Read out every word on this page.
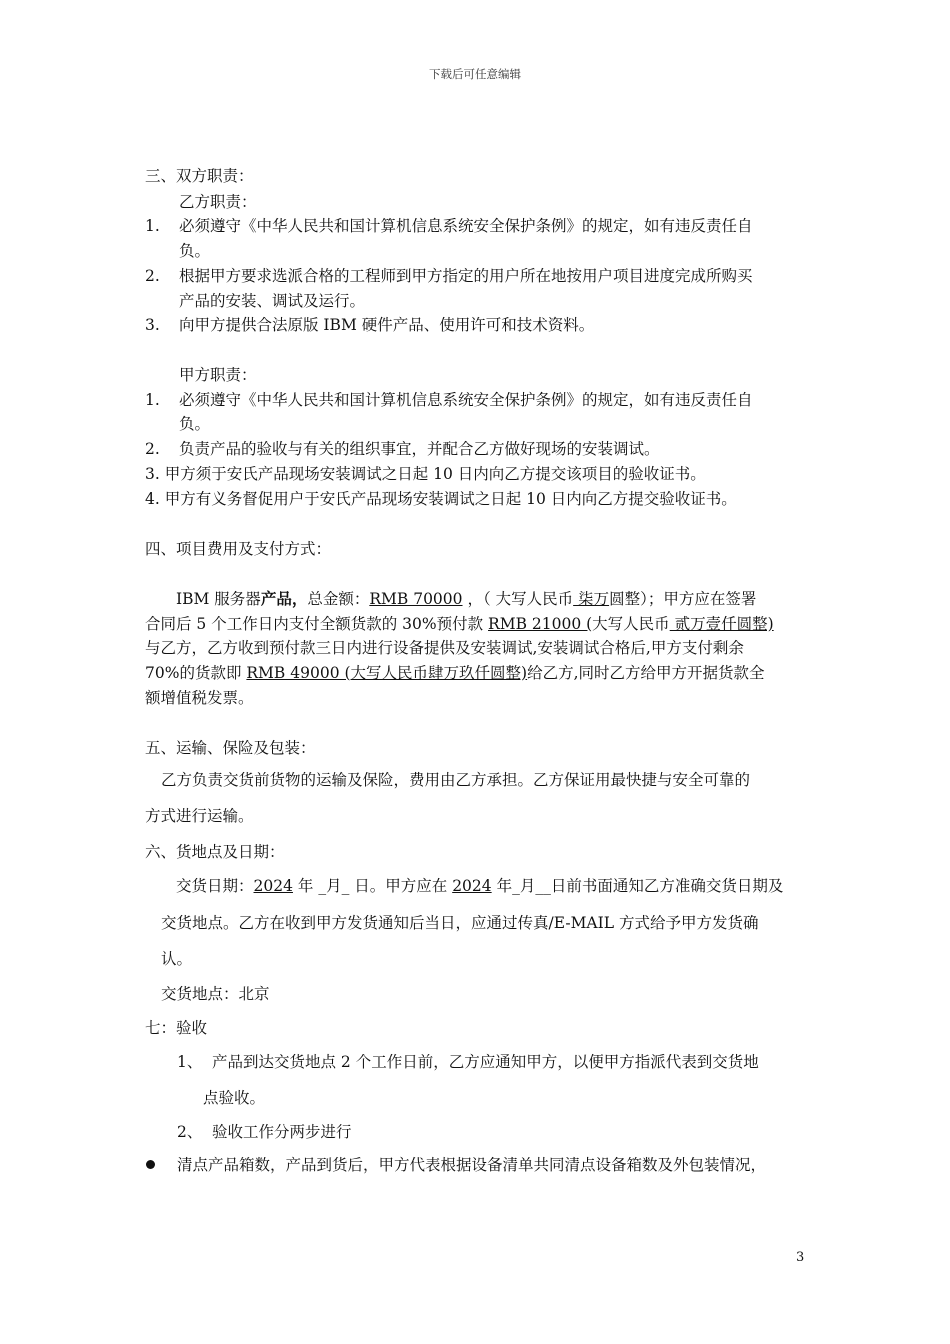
下载后可任意编辑
三、双方职责：
乙方职责：
1. 必须遵守《中华人民共和国计算机信息系统安全保护条例》的规定，如有违反责任自
负。
2. 根据甲方要求选派合格的工程师到甲方指定的用户所在地按用户项目进度完成所购买
产品的安装、调试及运行。
3. 向甲方提供合法原版 IBM 硬件产品、使用许可和技术资料。
甲方职责：
1. 必须遵守《中华人民共和国计算机信息系统安全保护条例》的规定，如有违反责任自
负。
2. 负责产品的验收与有关的组织事宜，并配合乙方做好现场的安装调试。
3. 甲方须于安氏产品现场安装调试之日起 10 日内向乙方提交该项目的验收证书。
4. 甲方有义务督促用户于安氏产品现场安装调试之日起 10 日内向乙方提交验收证书。
四、项目费用及支付方式：
IBM 服务器产品，总金额：RMB 70000 ，（ 大写人民币 柒万圆整）；甲方应在签署
合同后 5 个工作日内支付全额货款的 30%预付款 RMB 21000 (大写人民币 贰万壹仟圆整)
与乙方，乙方收到预付款三日内进行设备提供及安装调试,安装调试合格后,甲方支付剩余
70%的货款即 RMB 49000 (大写人民币肆万玖仟圆整)给乙方,同时乙方给甲方开据货款全
额增值税发票。
五、运输、保险及包装：
乙方负责交货前货物的运输及保险，费用由乙方承担。乙方保证用最快捷与安全可靠的
方式进行运输。
六、货地点及日期：
交货日期：2024 年 _月_ 日。甲方应在 2024 年_月__日前书面通知乙方准确交货日期及
交货地点。乙方在收到甲方发货通知后当日，应通过传真/E-MAIL 方式给予甲方发货确
认。
交货地点：北京
七：验收
1、 产品到达交货地点 2 个工作日前，乙方应通知甲方，以便甲方指派代表到交货地
点验收。
2、 验收工作分两步进行
清点产品箱数，产品到货后，甲方代表根据设备清单共同清点设备箱数及外包装情况，
3
